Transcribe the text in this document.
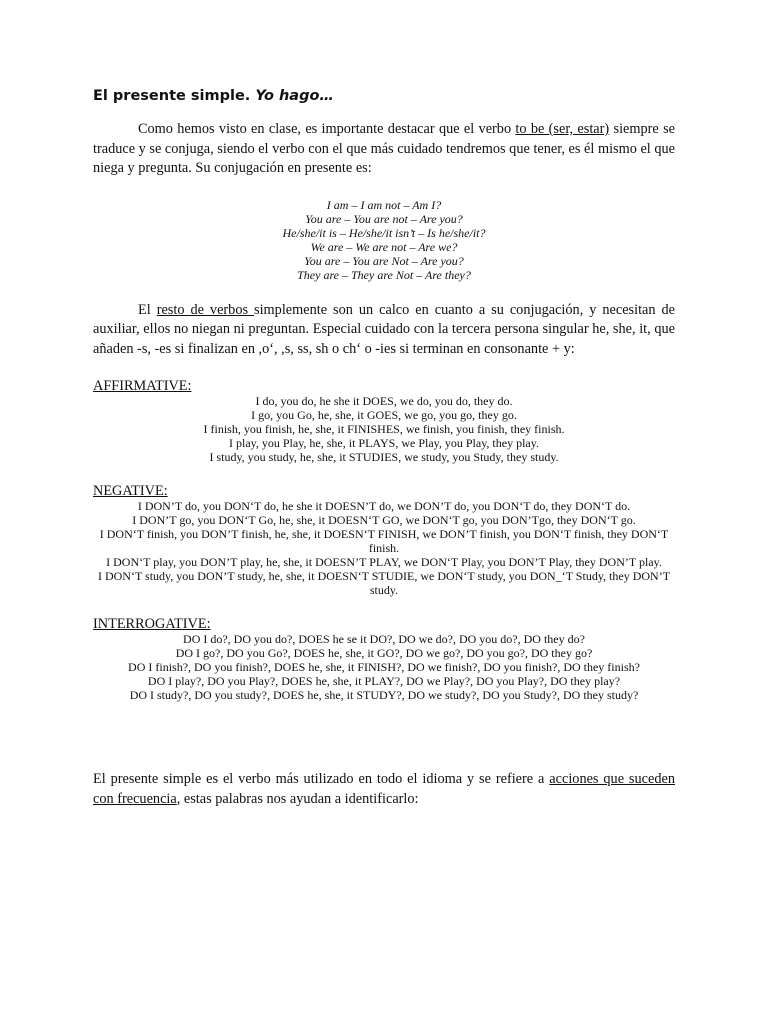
El presente simple. Yo hago…

Como hemos visto en clase, es importante destacar que el verbo to be (ser, estar) siempre se traduce y se conjuga, siendo el verbo con el que más cuidado tendremos que tener, es él mismo el que niega y pregunta. Su conjugación en presente es:

I am – I am not – Am I?
You are – You are not – Are you?
He/she/it is – He/she/it isn’t – Is he/she/it?
We are – We are not – Are we?
You are – You are Not – Are you?
They are – They are Not – Are they?

El resto de verbos simplemente son un calco en cuanto a su conjugación, y necesitan de auxiliar, ellos no niegan ni preguntan. Especial cuidado con la tercera persona singular he, she, it, que añaden -s, -es si finalizan en ,o‘, ,s, ss, sh o ch‘ o -ies si terminan en consonante + y:

AFFIRMATIVE:

I do, you do, he she it DOES, we do, you do, they do.
I go, you Go, he, she, it GOES, we go, you go, they go.
I finish, you finish, he, she, it FINISHES, we finish, you finish, they finish.
I play, you Play, he, she, it PLAYS, we Play, you Play, they play.
I study, you study, he, she, it STUDIES, we study, you Study, they study.

NEGATIVE:

I DON’T do, you DON‘T do, he she it DOESN’T do, we DON’T do, you DON‘T do, they DON‘T do.
I DON’T go, you DON‘T Go, he, she, it DOESN‘T GO, we DON‘T go, you DON’Tgo, they DON‘T go.
I DON‘T finish, you DON’T finish, he, she, it DOESN‘T FINISH, we DON’T finish, you DON‘T finish, they DON‘T finish.
I DON‘T play, you DON’T play, he, she, it DOESN’T PLAY, we DON‘T Play, you DON’T Play, they DON’T play.
I DON‘T study, you DON’T study, he, she, it DOESN‘T STUDIE, we DON‘T study, you DON_‘T Study, they DON’T study.

INTERROGATIVE:

DO I do?, DO you do?, DOES he se it DO?, DO we do?, DO you do?, DO they do?
DO I go?, DO you Go?, DOES he, she, it GO?, DO we go?, DO you go?, DO they go?
DO I finish?, DO you finish?, DOES he, she, it FINISH?, DO we finish?, DO you finish?, DO they finish?
DO I play?, DO you Play?, DOES he, she, it PLAY?, DO we Play?, DO you Play?, DO they play?
DO I study?, DO you study?, DOES he, she, it STUDY?, DO we study?, DO you Study?, DO they study?

El presente simple es el verbo más utilizado en todo el idioma y se refiere a acciones que suceden con frecuencia, estas palabras nos ayudan a identificarlo:
